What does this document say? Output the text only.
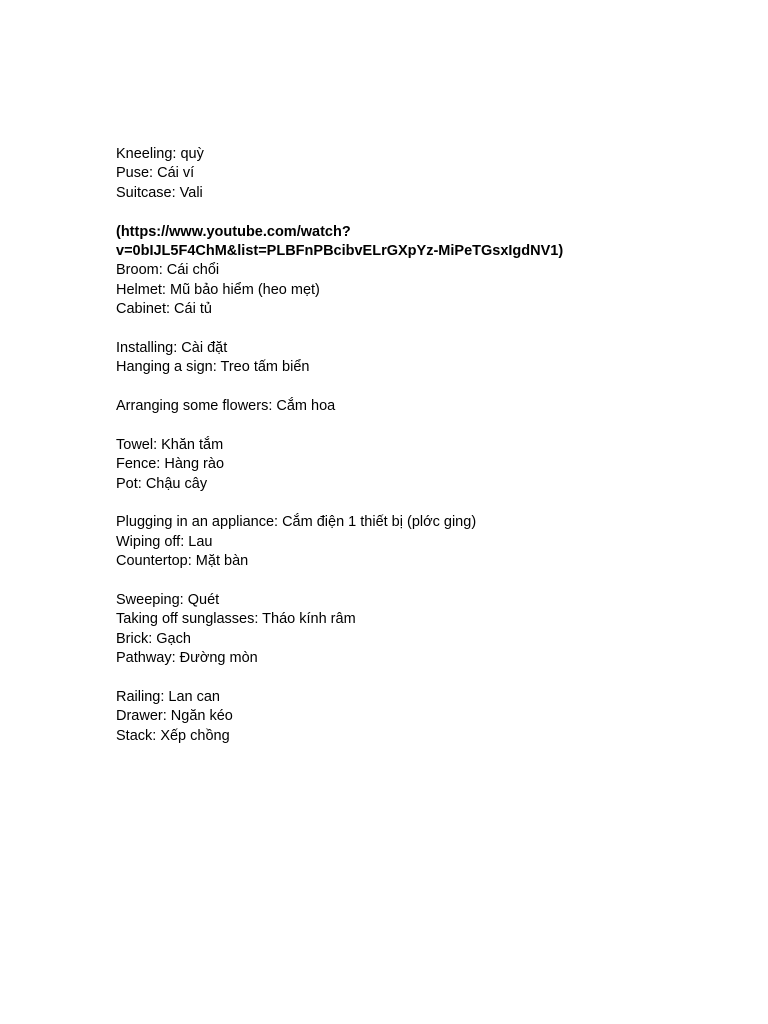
Kneeling: quỳ
Puse: Cái ví
Suitcase: Vali
(https://www.youtube.com/watch?
v=0bIJL5F4ChM&list=PLBFnPBcibvELrGXpYz-MiPeTGsxIgdNV1)
Broom: Cái chổi
Helmet: Mũ bảo hiểm (heo mẹt)
Cabinet: Cái tủ
Installing: Cài đặt
Hanging a sign: Treo tấm biển
Arranging some flowers: Cắm hoa
Towel: Khăn tắm
Fence: Hàng rào
Pot: Chậu cây
Plugging in an appliance: Cắm điện 1 thiết bị (plớc ging)
Wiping off: Lau
Countertop: Mặt bàn
Sweeping: Quét
Taking off sunglasses: Tháo kính râm
Brick: Gạch
Pathway: Đường mòn
Railing: Lan can
Drawer: Ngăn kéo
Stack: Xếp chồng
